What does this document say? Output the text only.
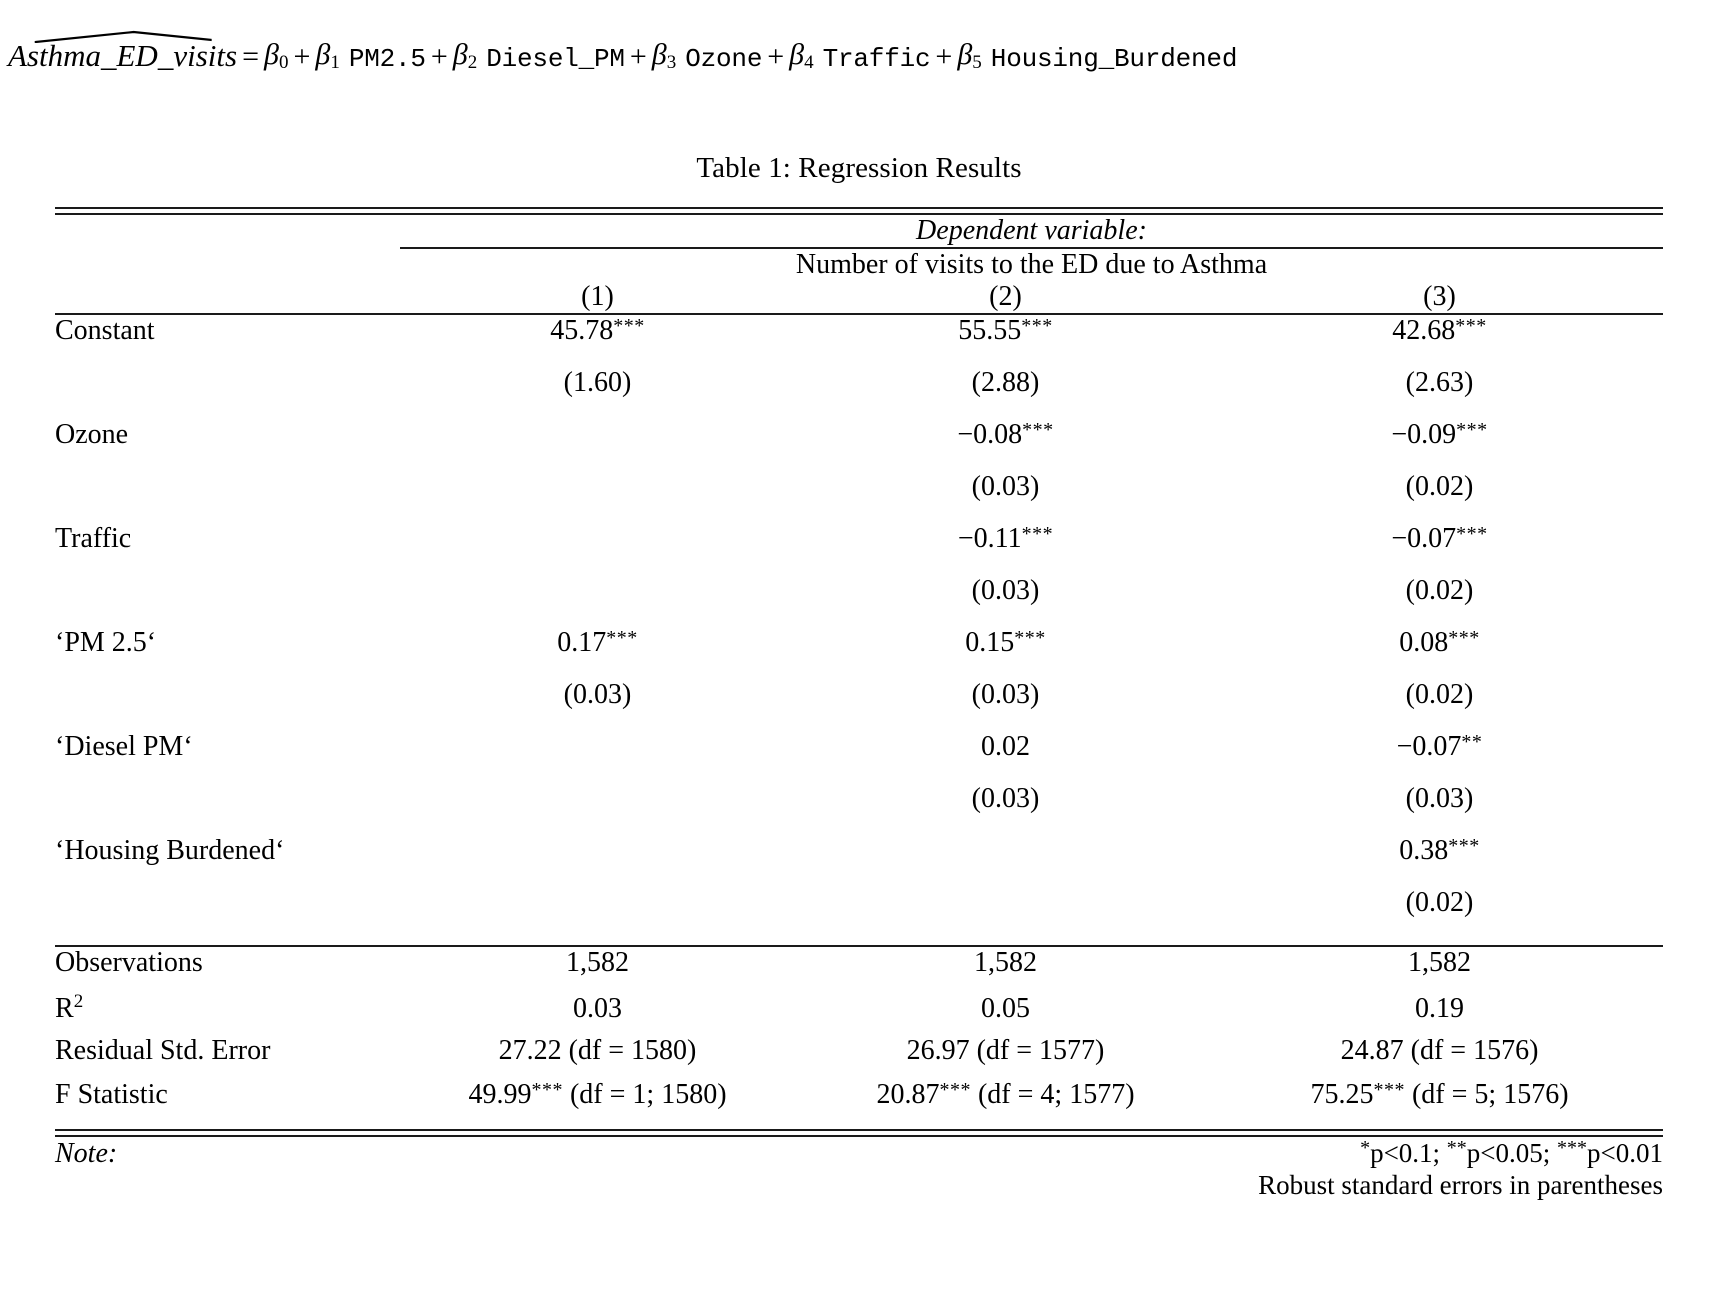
Asthma_ED_visits = $\beta_0 + \beta_1$ $PM2.5 + \beta_2$ Diesel_PM + $\beta_3$ Ozone + $\beta_4$ Traffic + $\beta_5$ Housing_Burdened
Table 1: Regression Results
	Dependent variable:		

	Number of visits to the ED due to Asthma		
	(1)	(2)	(3)

Constant	45.78***	55.55***	42.68***
	(1.60)	(2.88)	(2.63)
Ozone		−0.08***	−0.09***
		(0.03)	(0.02)
Traffic		−0.11***	−0.07***
		(0.03)	(0.02)
‘PM 2.5‘	0.17***	0.15***	0.08***
	(0.03)	(0.03)	(0.02)
‘Diesel PM‘		0.02	−0.07**
		(0.03)	(0.03)
‘Housing Burdened‘			0.38***
			(0.02)

Observations	1,582	1,582	1,582
$R^2$	0.03	0.05	0.19
Residual Std. Error	27.22 (df = 1580)	26.97 (df = 1577)	24.87 (df = 1576)
F Statistic	49.99*** (df = 1; 1580)	20.87*** (df = 4; 1577)	75.25*** (df = 5; 1576)

Note:	*p<0.1; **p<0.05; ***p<0.01		
	Robust standard errors in parentheses		
